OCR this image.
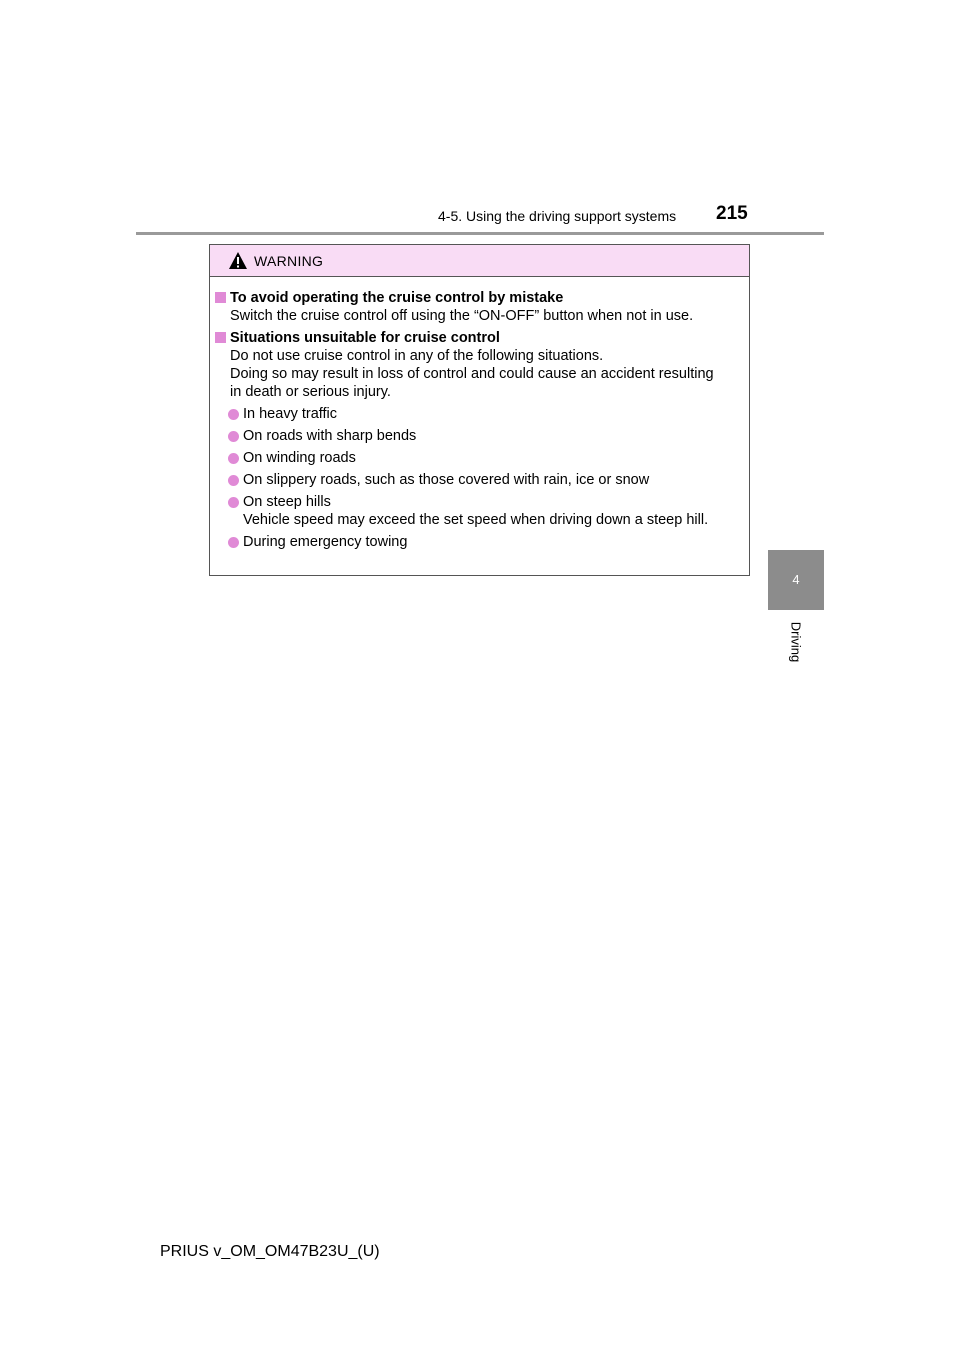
4-5. Using the driving support systems 215
4
Driving
WARNING
To avoid operating the cruise control by mistake
Switch the cruise control off using the “ON-OFF” button when not in use.
Situations unsuitable for cruise control
Do not use cruise control in any of the following situations.
Doing so may result in loss of control and could cause an accident resulting
in death or serious injury.
In heavy traffic
On roads with sharp bends
On winding roads
On slippery roads, such as those covered with rain, ice or snow
On steep hills
Vehicle speed may exceed the set speed when driving down a steep hill.
During emergency towing
PRIUS v_OM_OM47B23U_(U)
